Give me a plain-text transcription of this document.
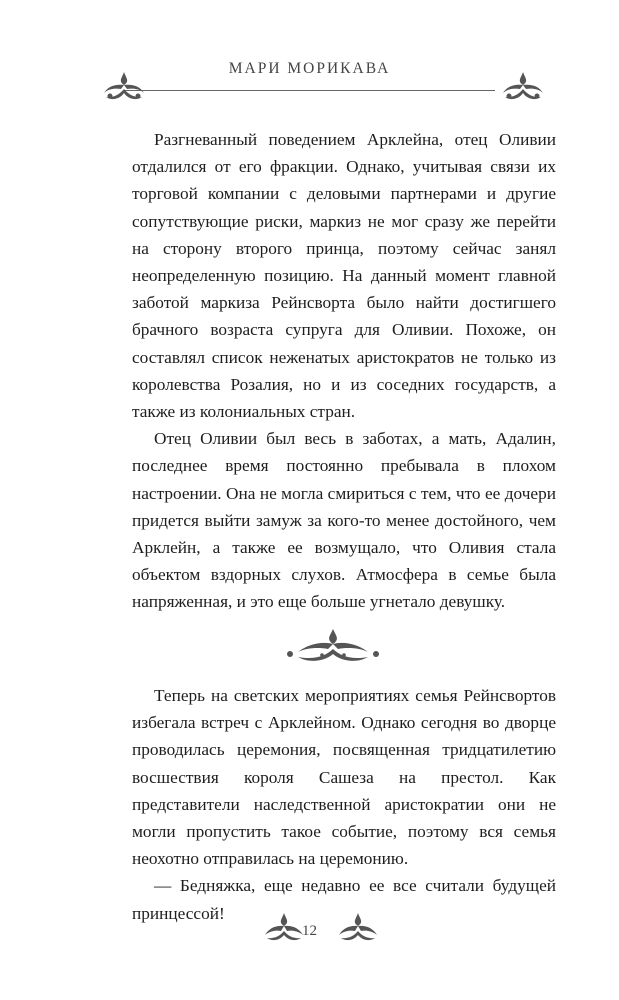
МАРИ МОРИКАВА

Разгневанный поведением Арклейна, отец Оливии отдалился от его фракции. Однако, учитывая связи их торговой компании с деловыми партнерами и другие сопутствующие риски, маркиз не мог сразу же перейти на сторону второго принца, поэтому сейчас занял неопределенную позицию. На данный момент главной заботой маркиза Рейнсворта было найти достигшего брачного возраста супруга для Оливии. Похоже, он составлял список неженатых аристократов не только из королевства Розалия, но и из соседних государств, а также из колониальных стран.

Отец Оливии был весь в заботах, а мать, Адалин, последнее время постоянно пребывала в плохом настроении. Она не могла смириться с тем, что ее дочери придется выйти замуж за кого-то менее достойного, чем Арклейн, а также ее возмущало, что Оливия стала объектом вздорных слухов. Атмосфера в семье была напряженная, и это еще больше угнетало девушку.

Теперь на светских мероприятиях семья Рейнсвортов избегала встреч с Арклейном. Однако сегодня во дворце проводилась церемония, посвященная тридцатилетию восшествия короля Сашеза на престол. Как представители наследственной аристократии они не могли пропустить такое событие, поэтому вся семья неохотно отправилась на церемонию.

— Бедняжка, еще недавно ее все считали будущей принцессой!

12
